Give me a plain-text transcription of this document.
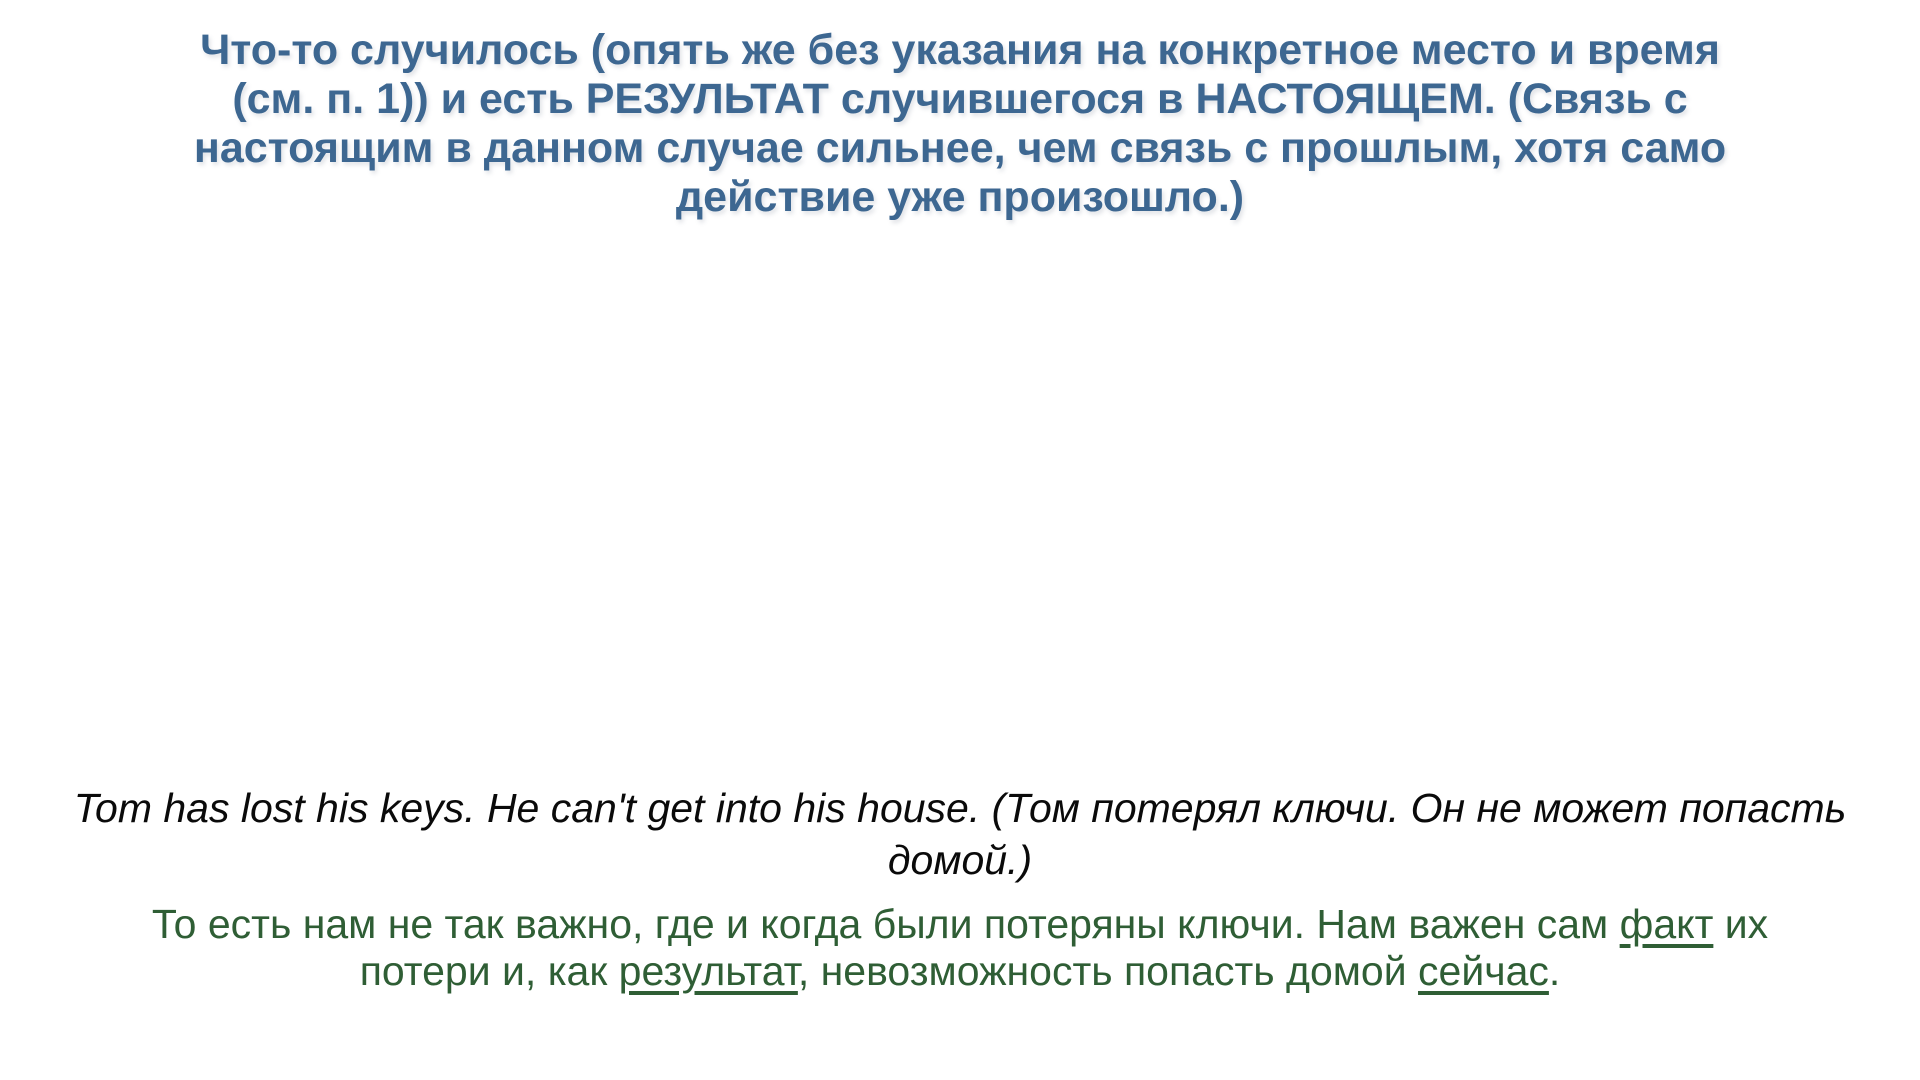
Что-то случилось (опять же без указания на конкретное место и время
(см. п. 1)) и есть РЕЗУЛЬТАТ случившегося в НАСТОЯЩЕМ. (Связь с
настоящим в данном случае сильнее, чем связь с прошлым, хотя само
действие уже произошло.)
Tom has lost his keys. He can't get into his house. (Том потерял ключи. Он не может попасть
домой.)
То есть нам не так важно, где и когда были потеряны ключи. Нам важен сам факт их
потери и, как результат, невозможность попасть домой сейчас.
